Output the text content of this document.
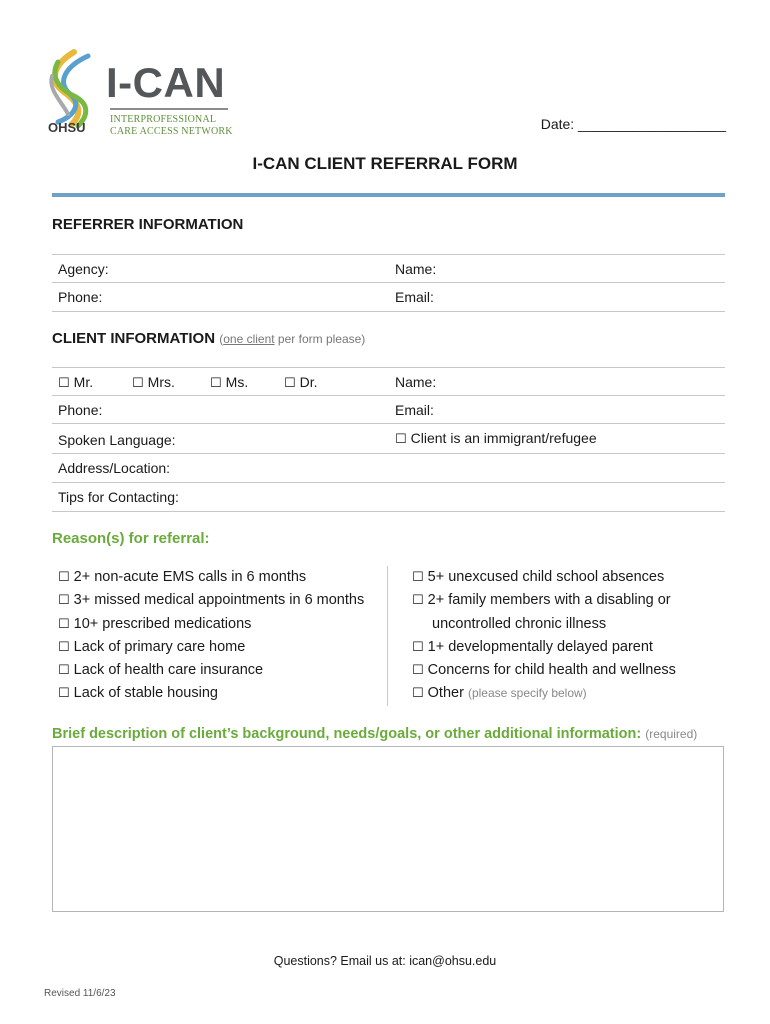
OHSU
I-CAN
INTERPROFESSIONAL
CARE ACCESS NETWORK	Date: ___________________
I-CAN CLIENT REFERRAL FORM
REFERRER INFORMATION
Agency:	Name:
Phone:	Email:
CLIENT INFORMATION (one client per form please)
☐ Mr.	☐ Mrs.	☐ Ms.	☐ Dr.	Name:
Phone:	Email:
Spoken Language:	☐ Client is an immigrant/refugee
Address/Location:
Tips for Contacting:
Reason(s) for referral:
☐ 2+ non-acute EMS calls in 6 months
☐ 3+ missed medical appointments in 6 months
☐ 10+ prescribed medications
☐ Lack of primary care home
☐ Lack of health care insurance
☐ Lack of stable housing
☐ 5+ unexcused child school absences
☐ 2+ family members with a disabling or
uncontrolled chronic illness
☐ 1+ developmentally delayed parent
☐ Concerns for child health and wellness
☐ Other (please specify below)
Brief description of client’s background, needs/goals, or other additional information: (required)
Questions? Email us at: ican@ohsu.edu
Revised 11/6/23
